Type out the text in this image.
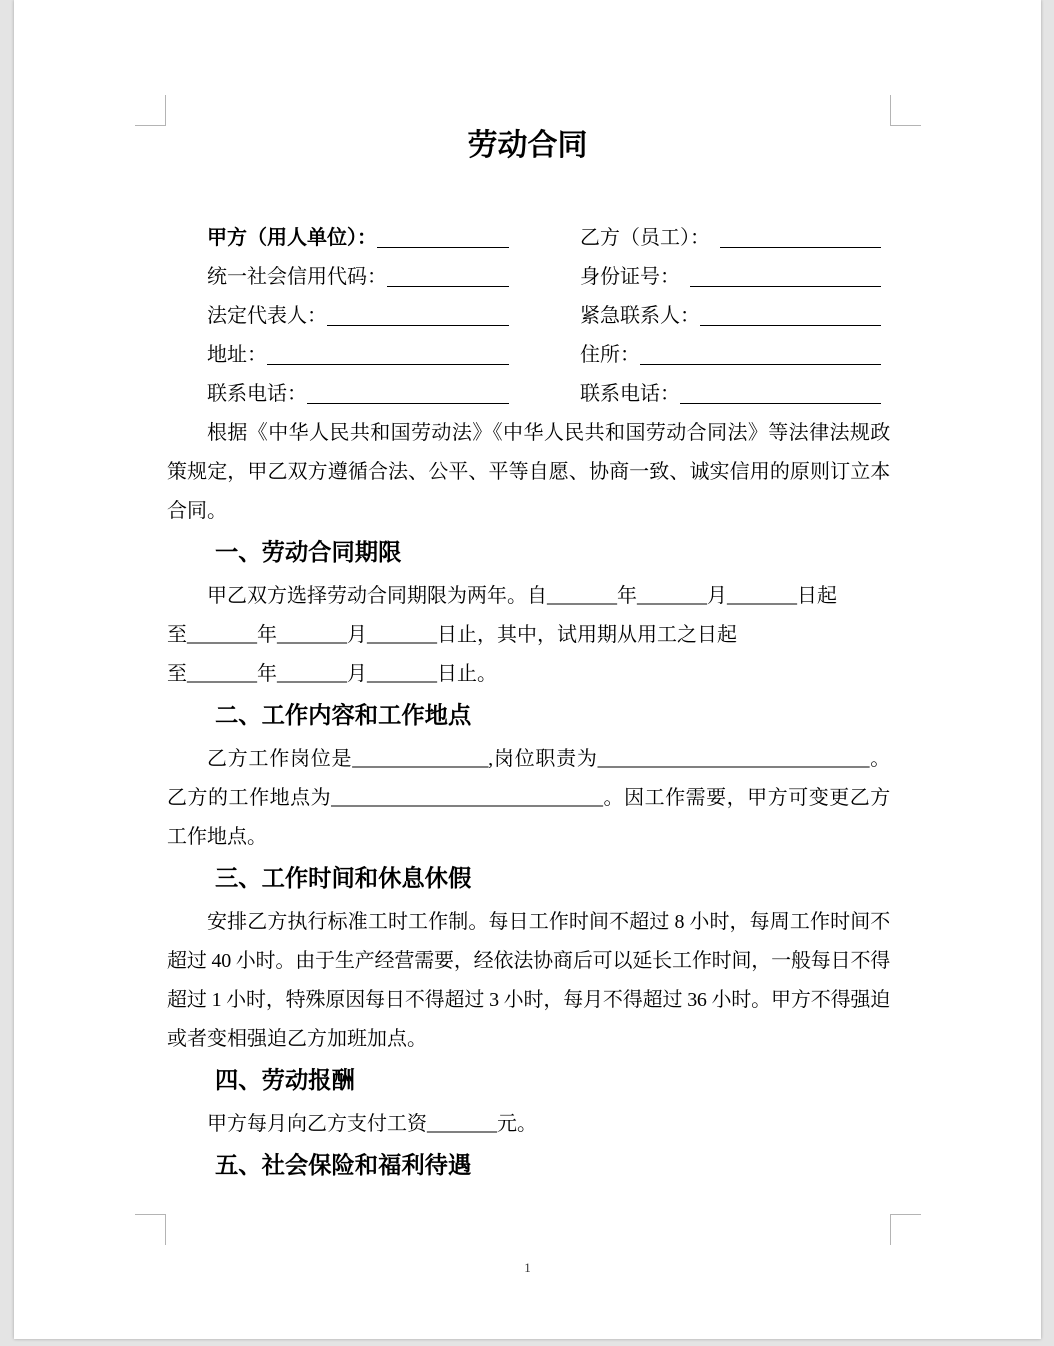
劳动合同
甲方（用人单位）：	乙方（员工）：
统一社会信用代码：	身份证号：
法定代表人：	紧急联系人：
地址：	住所：
联系电话：	联系电话：
根据《中华人民共和国劳动法》《中华人民共和国劳动合同法》等法律法规政
策规定，甲乙双方遵循合法、公平、平等自愿、协商一致、诚实信用的原则订立本
合同。
一、劳动合同期限
甲乙双方选择劳动合同期限为两年。自_______年_______月_______日起
至_______年_______月_______日止，其中，试用期从用工之日起
至_______年_______月_______日止。
二、工作内容和工作地点
乙方工作岗位是______________,岗位职责为____________________________。
乙方的工作地点为____________________________。因工作需要，甲方可变更乙方
工作地点。
三、工作时间和休息休假
安排乙方执行标准工时工作制。每日工作时间不超过 8 小时，每周工作时间不
超过 40 小时。由于生产经营需要，经依法协商后可以延长工作时间，一般每日不得
超过 1 小时，特殊原因每日不得超过 3 小时，每月不得超过 36 小时。甲方不得强迫
或者变相强迫乙方加班加点。
四、劳动报酬
甲方每月向乙方支付工资_______元。
五、社会保险和福利待遇
1
